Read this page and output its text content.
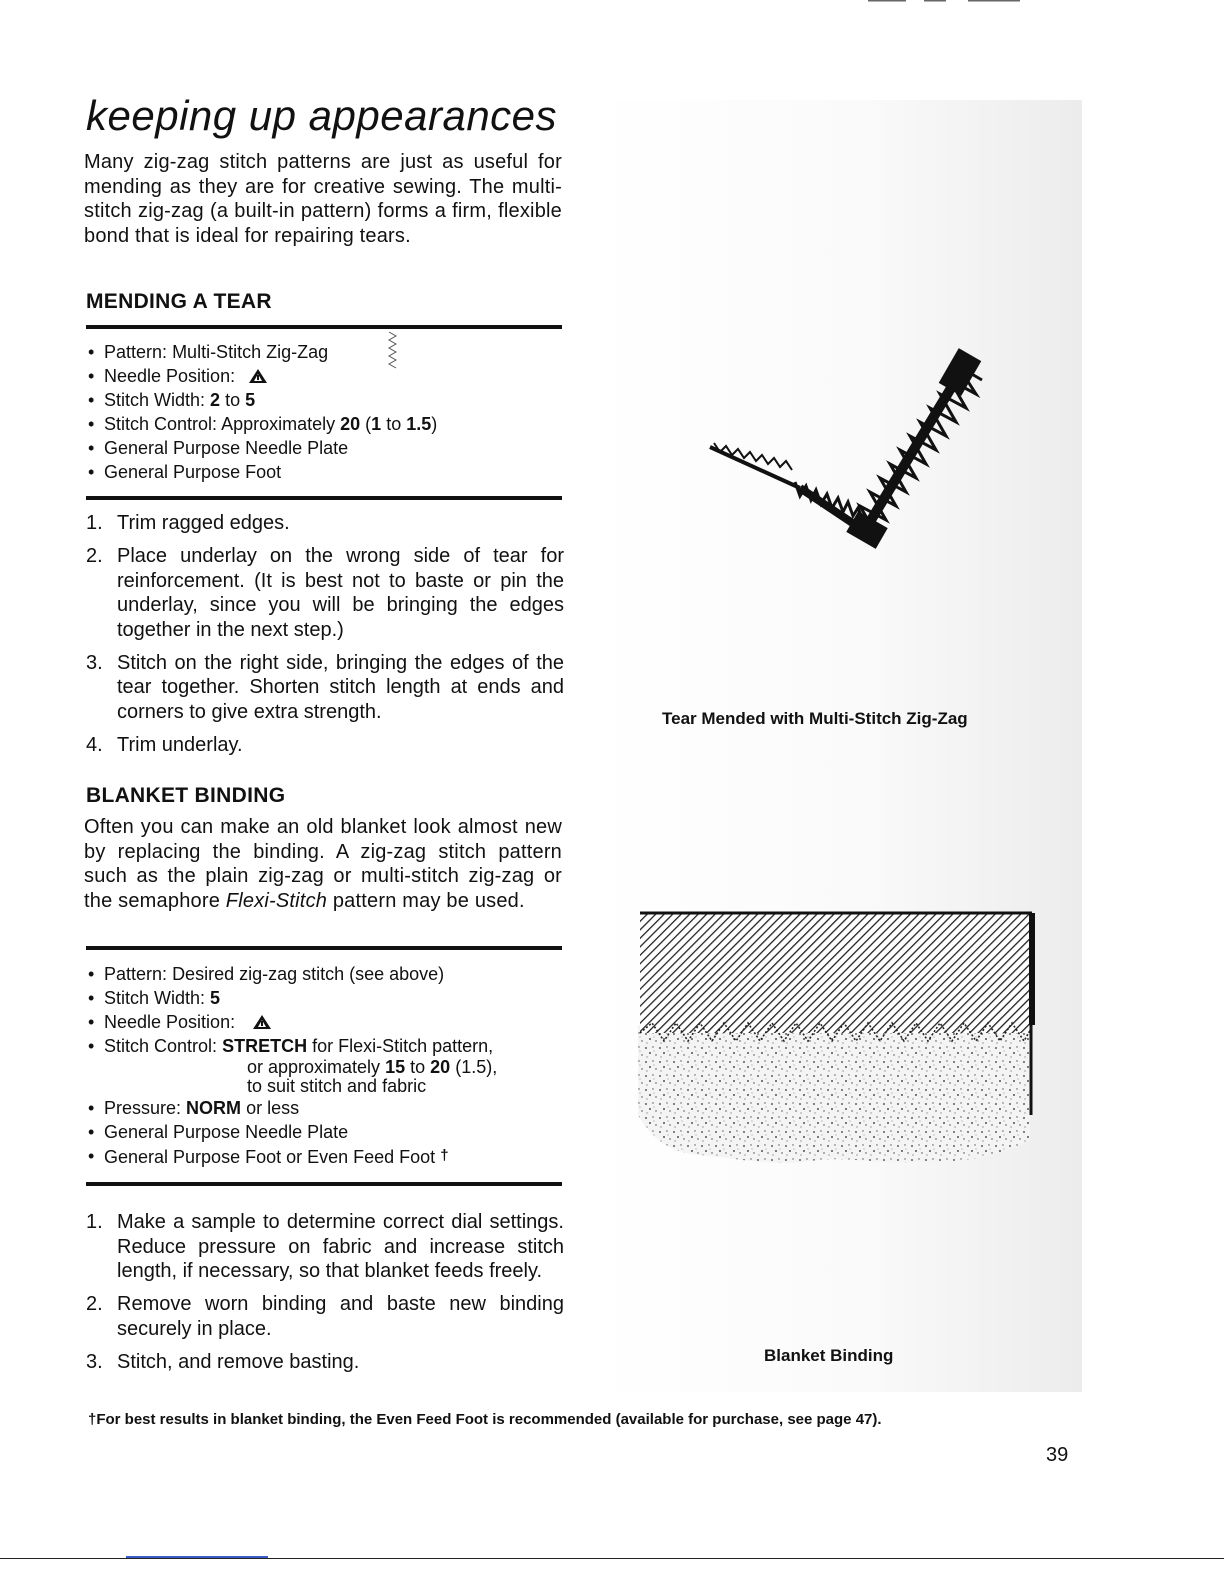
keeping up appearances

Many zig-zag stitch patterns are just as useful for mending as they are for creative sewing. The multi-stitch zig-zag (a built-in pattern) forms a firm, flexible bond that is ideal for repairing tears.

MENDING A TEAR
• Pattern: Multi-Stitch Zig-Zag
• Needle Position:
• Stitch Width: 2 to 5
• Stitch Control: Approximately 20 (1 to 1.5)
• General Purpose Needle Plate
• General Purpose Foot
1. Trim ragged edges.
2. Place underlay on the wrong side of tear for reinforcement. (It is best not to baste or pin the underlay, since you will be bringing the edges together in the next step.)
3. Stitch on the right side, bringing the edges of the tear together. Shorten stitch length at ends and corners to give extra strength.
4. Trim underlay.
Tear Mended with Multi-Stitch Zig-Zag
BLANKET BINDING

Often you can make an old blanket look almost new by replacing the binding. A zig-zag stitch pattern such as the plain zig-zag or multi-stitch zig-zag or the semaphore Flexi-Stitch pattern may be used.

• Pattern: Desired zig-zag stitch (see above)
• Stitch Width: 5
• Needle Position:
• Stitch Control: STRETCH for Flexi-Stitch pattern,
or approximately 15 to 20 (1.5),
to suit stitch and fabric
• Pressure: NORM or less
• General Purpose Needle Plate
• General Purpose Foot or Even Feed Foot †
1. Make a sample to determine correct dial settings. Reduce pressure on fabric and increase stitch length, if necessary, so that blanket feeds freely.
2. Remove worn binding and baste new binding securely in place.
3. Stitch, and remove basting.	Blanket Binding
†For best results in blanket binding, the Even Feed Foot is recommended (available for purchase, see page 47).
39
